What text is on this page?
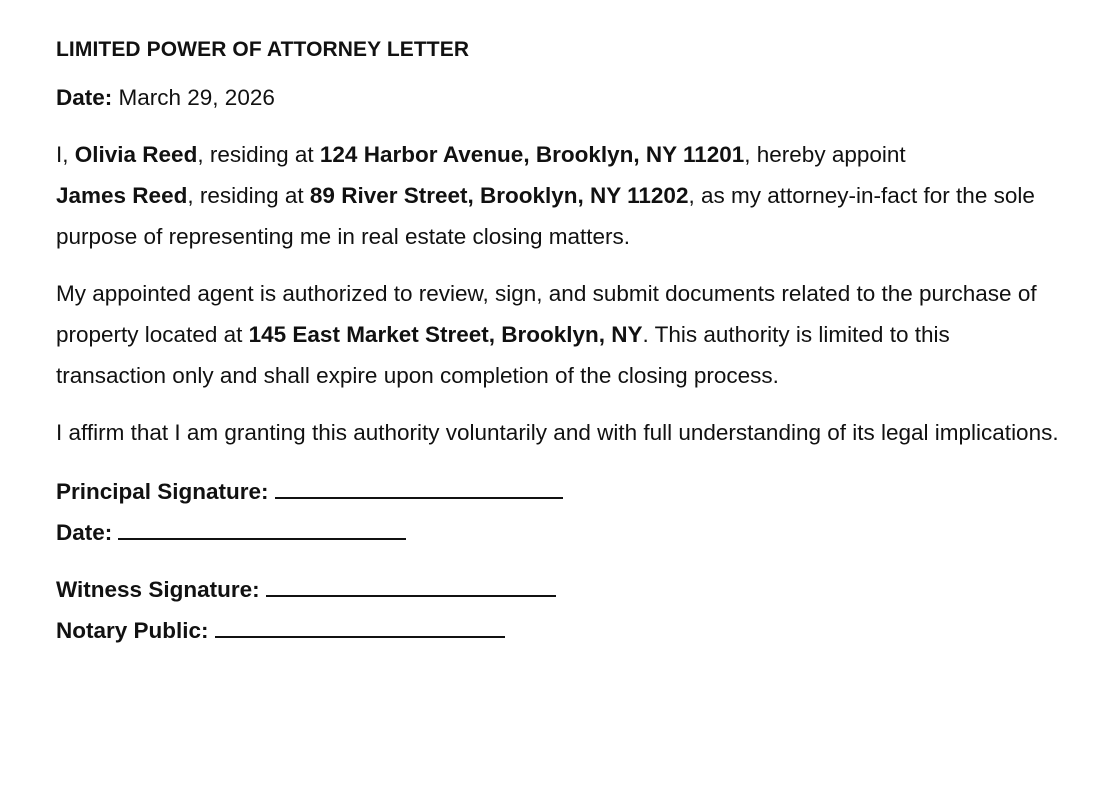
LIMITED POWER OF ATTORNEY LETTER

Date: March 29, 2026

I, Olivia Reed, residing at 124 Harbor Avenue, Brooklyn, NY 11201, hereby appoint
James Reed, residing at 89 River Street, Brooklyn, NY 11202, as my attorney-in-fact for the sole purpose of representing me in real estate closing matters.

My appointed agent is authorized to review, sign, and submit documents related to the purchase of property located at 145 East Market Street, Brooklyn, NY. This authority is limited to this transaction only and shall expire upon completion of the closing process.

I affirm that I am granting this authority voluntarily and with full understanding of its legal implications.

Principal Signature:

Date:

Witness Signature:

Notary Public:
